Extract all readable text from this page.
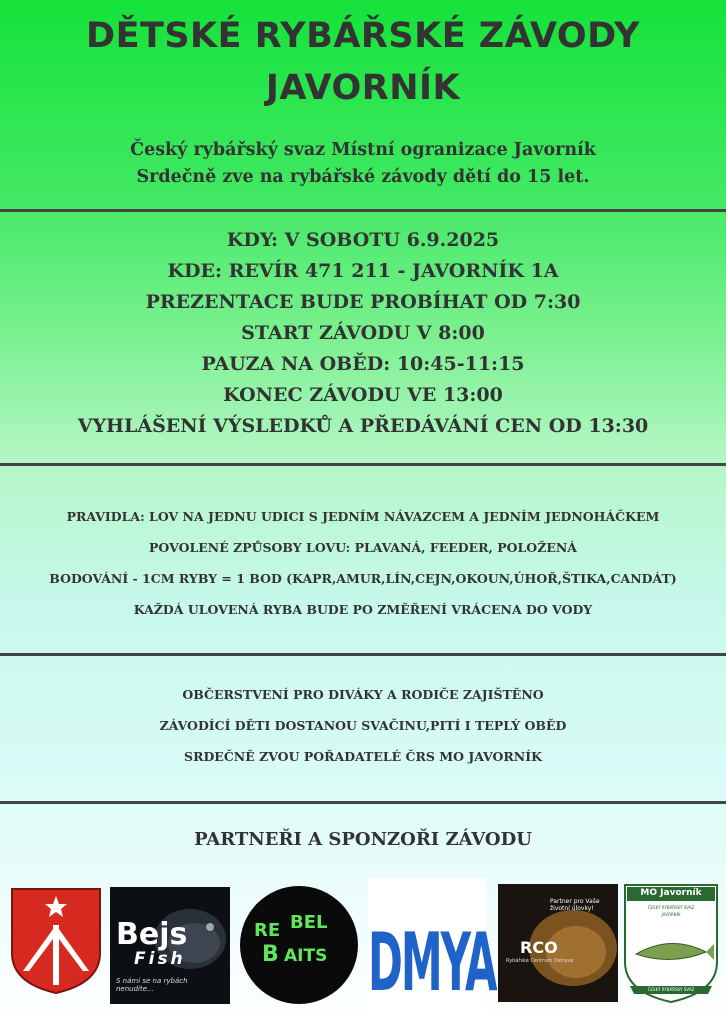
DĚTSKÉ RYBÁŘSKÉ ZÁVODY
JAVORNÍK
Český rybářský svaz Místní ogranizace Javorník
Srdečně zve na rybářské závody dětí do 15 let.
KDY: V SOBOTU 6.9.2025
KDE: REVÍR 471 211 - JAVORNÍK 1A
PREZENTACE BUDE PROBÍHAT OD 7:30
START ZÁVODU V 8:00
PAUZA NA OBĚD: 10:45-11:15
KONEC ZÁVODU VE 13:00
VYHLÁŠENÍ VÝSLEDKŮ A PŘEDÁVÁNÍ CEN OD 13:30
PRAVIDLA: LOV NA JEDNU UDICI S JEDNÍM NÁVAZCEM A JEDNÍM JEDNOHÁČKEM
POVOLENÉ ZPŮSOBY LOVU: PLAVANÁ, FEEDER, POLOŽENÁ
BODOVÁNÍ - 1CM RYBY = 1 BOD (KAPR,AMUR,LÍN,CEJN,OKOUN,ÚHOŘ,ŠTIKA,CANDÁT)
KAŽDÁ ULOVENÁ RYBA BUDE PO ZMĚŘENÍ VRÁCENA DO VODY
OBČERSTVENÍ PRO DIVÁKY A RODIČE ZAJIŠTĚNO
ZÁVODÍCÍ DĚTI DOSTANOU SVAČINU,PITÍ I TEPLÝ OBĚD
SRDEČNĚ ZVOU POŘADATELÉ ČRS MO JAVORNÍK
PARTNEŘI A SPONZOŘI ZÁVODU
Bejs
Fish
S námi se na rybách nenudíte...
RE BEL
B AITS DMYA
Partner pro Vaše životní úlovky!
RCO
Rybářské Centrum Ostrava
MO Javorník
ČESKÝ RYBÁŘSKÝ SVAZ
JAVORNÍK
ČESKÝ RYBÁŘSKÝ SVAZ
